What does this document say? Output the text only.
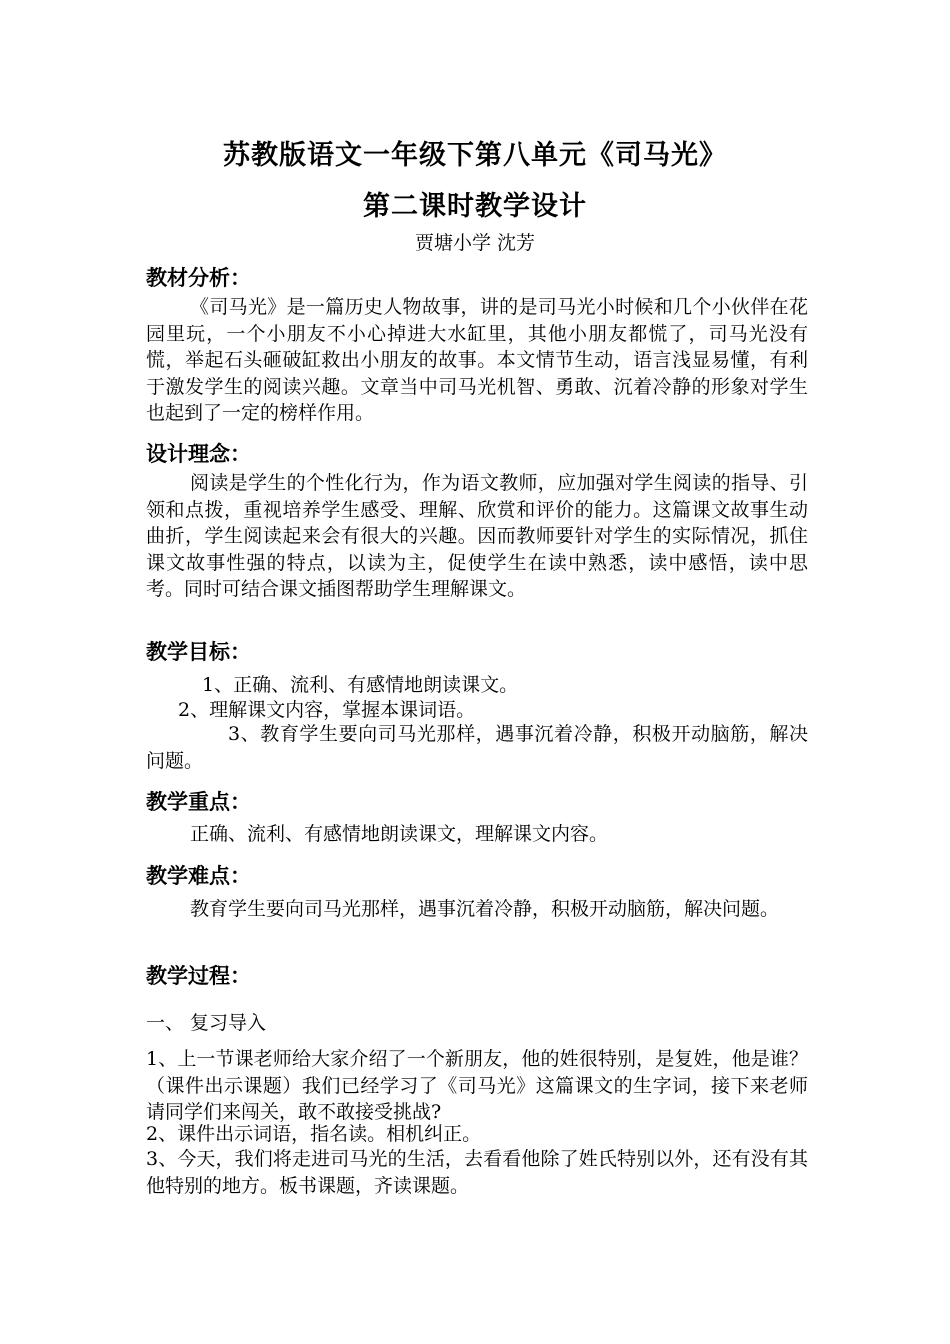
苏教版语文一年级下第八单元《司马光》
第二课时教学设计
贾塘小学 沈芳
教材分析：
《司马光》是一篇历史人物故事，讲的是司马光小时候和几个小伙伴在花园里玩，一个小朋友不小心掉进大水缸里，其他小朋友都慌了，司马光没有慌，举起石头砸破缸救出小朋友的故事。本文情节生动，语言浅显易懂，有利于激发学生的阅读兴趣。文章当中司马光机智、勇敢、沉着冷静的形象对学生也起到了一定的榜样作用。
设计理念：
阅读是学生的个性化行为，作为语文教师，应加强对学生阅读的指导、引领和点拨，重视培养学生感受、理解、欣赏和评价的能力。这篇课文故事生动曲折，学生阅读起来会有很大的兴趣。因而教师要针对学生的实际情况，抓住课文故事性强的特点，以读为主，促使学生在读中熟悉，读中感悟，读中思考。同时可结合课文插图帮助学生理解课文。
教学目标：
1、正确、流利、有感情地朗读课文。
2、理解课文内容，掌握本课词语。
3、教育学生要向司马光那样，遇事沉着冷静，积极开动脑筋，解决问题。
教学重点：
正确、流利、有感情地朗读课文，理解课文内容。
教学难点：
教育学生要向司马光那样，遇事沉着冷静，积极开动脑筋，解决问题。
教学过程：
一、 复习导入
1、上一节课老师给大家介绍了一个新朋友，他的姓很特别，是复姓，他是谁？（课件出示课题）我们已经学习了《司马光》这篇课文的生字词，接下来老师请同学们来闯关，敢不敢接受挑战?
2、课件出示词语，指名读。相机纠正。
3、今天，我们将走进司马光的生活，去看看他除了姓氏特别以外，还有没有其他特别的地方。板书课题，齐读课题。
